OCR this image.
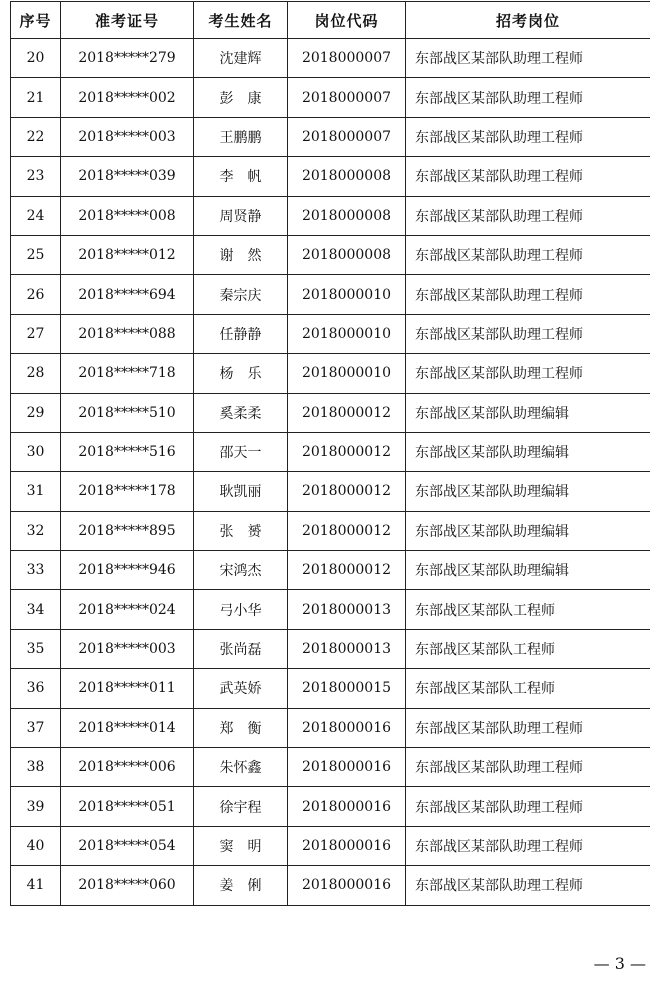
序号	准考证号	考生姓名	岗位代码	招考岗位
20	2018*****279	沈建辉	2018000007	东部战区某部队助理工程师
21	2018*****002	彭　康	2018000007	东部战区某部队助理工程师
22	2018*****003	王鹏鹏	2018000007	东部战区某部队助理工程师
23	2018*****039	李　帆	2018000008	东部战区某部队助理工程师
24	2018*****008	周贤静	2018000008	东部战区某部队助理工程师
25	2018*****012	谢　然	2018000008	东部战区某部队助理工程师
26	2018*****694	秦宗庆	2018000010	东部战区某部队助理工程师
27	2018*****088	任静静	2018000010	东部战区某部队助理工程师
28	2018*****718	杨　乐	2018000010	东部战区某部队助理工程师
29	2018*****510	奚柔柔	2018000012	东部战区某部队助理编辑
30	2018*****516	邵天一	2018000012	东部战区某部队助理编辑
31	2018*****178	耿凯丽	2018000012	东部战区某部队助理编辑
32	2018*****895	张　赟	2018000012	东部战区某部队助理编辑
33	2018*****946	宋鸿杰	2018000012	东部战区某部队助理编辑
34	2018*****024	弓小华	2018000013	东部战区某部队工程师
35	2018*****003	张尚磊	2018000013	东部战区某部队工程师
36	2018*****011	武英娇	2018000015	东部战区某部队工程师
37	2018*****014	郑　衡	2018000016	东部战区某部队助理工程师
38	2018*****006	朱怀鑫	2018000016	东部战区某部队助理工程师
39	2018*****051	徐宇程	2018000016	东部战区某部队助理工程师
40	2018*****054	窦　明	2018000016	东部战区某部队助理工程师
41	2018*****060	姜　俐	2018000016	东部战区某部队助理工程师
— 3 —
